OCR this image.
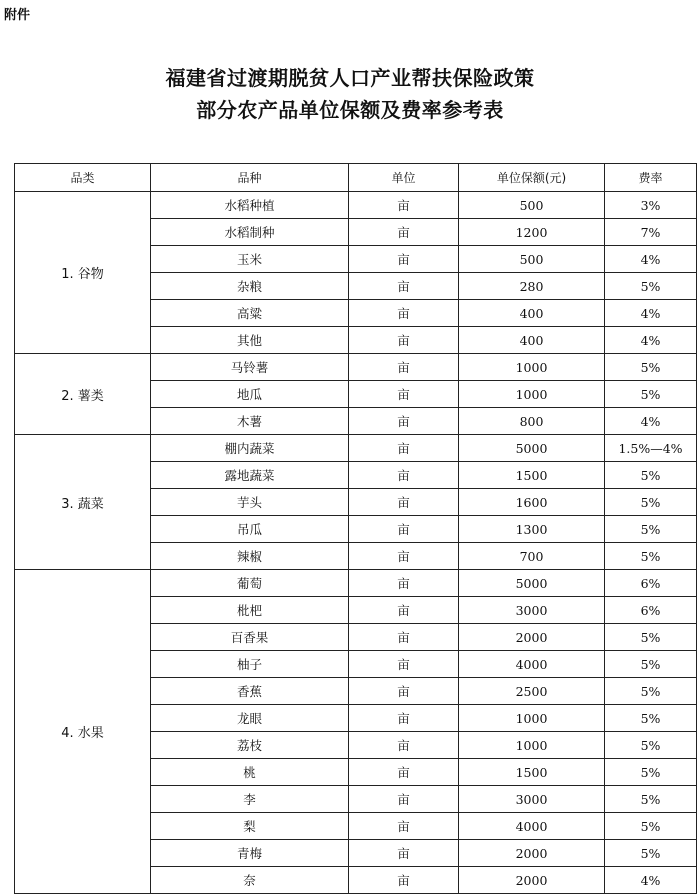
附件
福建省过渡期脱贫人口产业帮扶保险政策
部分农产品单位保额及费率参考表
品类	品种	单位	单位保额(元)	费率
1. 谷物	水稻种植	亩	500	3%
	水稻制种	亩	1200	7%
	玉米	亩	500	4%
	杂粮	亩	280	5%
	高粱	亩	400	4%
	其他	亩	400	4%
2. 薯类	马铃薯	亩	1000	5%
	地瓜	亩	1000	5%
	木薯	亩	800	4%
3. 蔬菜	棚内蔬菜	亩	5000	1.5%—4%
	露地蔬菜	亩	1500	5%
	芋头	亩	1600	5%
	吊瓜	亩	1300	5%
	辣椒	亩	700	5%
4. 水果	葡萄	亩	5000	6%
	枇杷	亩	3000	6%
	百香果	亩	2000	5%
	柚子	亩	4000	5%
	香蕉	亩	2500	5%
	龙眼	亩	1000	5%
	荔枝	亩	1000	5%
	桃	亩	1500	5%
	李	亩	3000	5%
	梨	亩	4000	5%
	青梅	亩	2000	5%
	奈	亩	2000	4%
